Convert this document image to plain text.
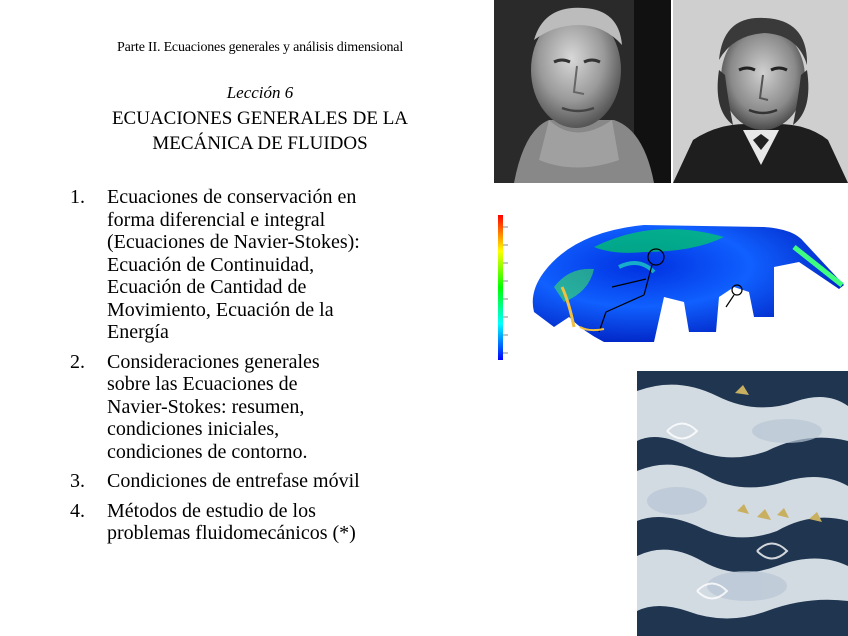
Parte II. Ecuaciones generales y análisis dimensional
Lección 6
ECUACIONES GENERALES DE LA
MECÁNICA DE FLUIDOS
1. Ecuaciones de conservación en
forma diferencial e integral
(Ecuaciones de Navier-Stokes):
Ecuación de Continuidad,
Ecuación de Cantidad de
Movimiento, Ecuación de la
Energía
2. Consideraciones generales
sobre las Ecuaciones de
Navier-Stokes: resumen,
condiciones iniciales,
condiciones de contorno.
3. Condiciones de entrefase móvil
4. Métodos de estudio de los
problemas fluidomecánicos (*)
